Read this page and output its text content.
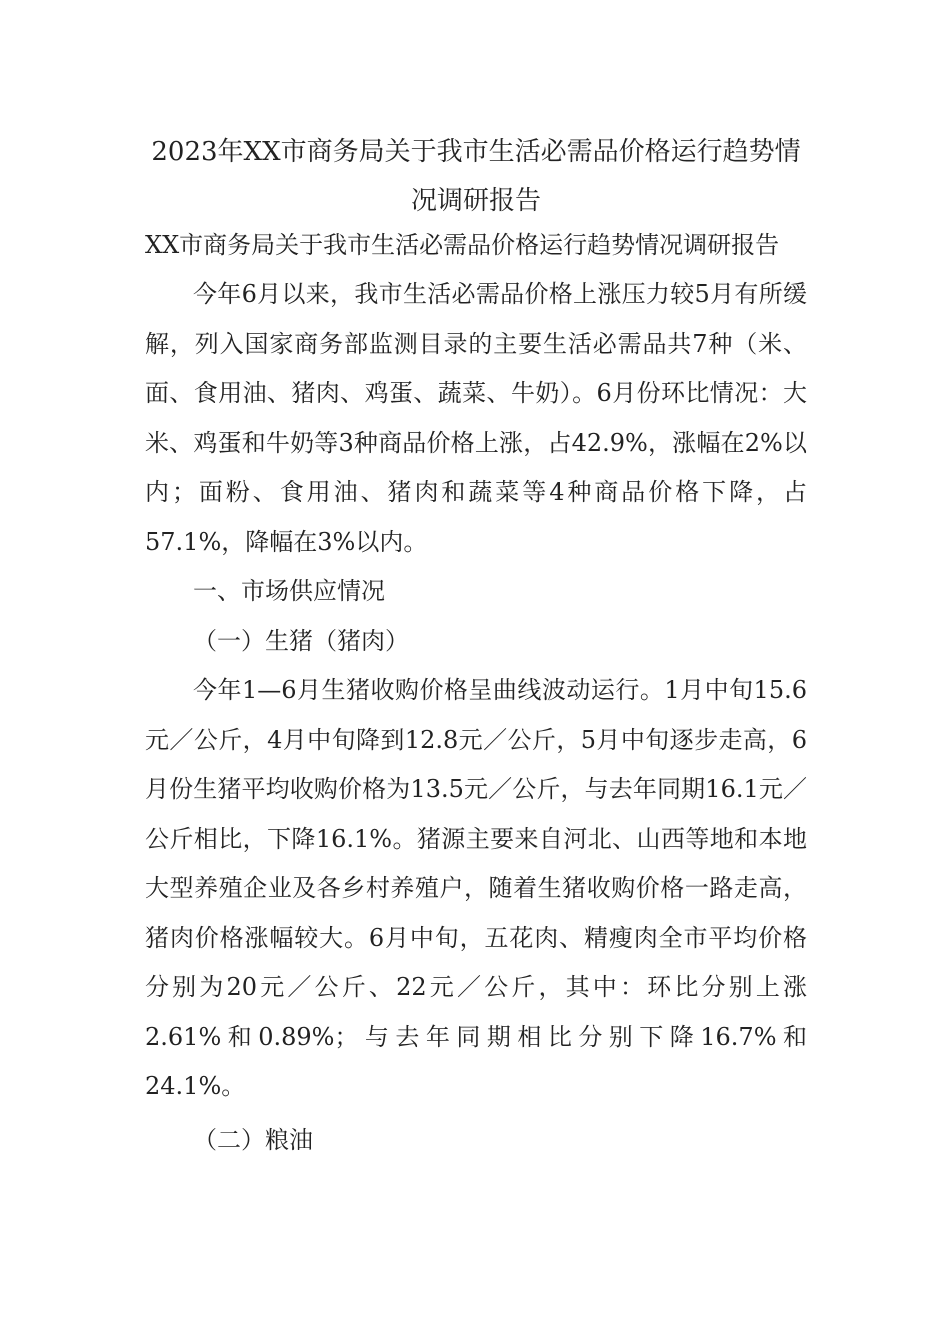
2023年XX市商务局关于我市生活必需品价格运行趋势情
况调研报告

XX市商务局关于我市生活必需品价格运行趋势情况调研报告

今年6月以来，我市生活必需品价格上涨压力较5月有所缓解，列入国家商务部监测目录的主要生活必需品共7种（米、面、食用油、猪肉、鸡蛋、蔬菜、牛奶）。6月份环比情况：大米、鸡蛋和牛奶等3种商品价格上涨，占42.9%，涨幅在2%以内；面粉、食用油、猪肉和蔬菜等4种商品价格下降，占57.1%，降幅在3%以内。

一、市场供应情况

（一）生猪（猪肉）

今年1—6月生猪收购价格呈曲线波动运行。1月中旬15.6元／公斤，4月中旬降到12.8元／公斤，5月中旬逐步走高，6月份生猪平均收购价格为13.5元／公斤，与去年同期16.1元／公斤相比，下降16.1%。猪源主要来自河北、山西等地和本地大型养殖企业及各乡村养殖户，随着生猪收购价格一路走高，猪肉价格涨幅较大。6月中旬，五花肉、精瘦肉全市平均价格分别为20元／公斤、22元／公斤，其中：环比分别上涨2.61%和0.89%；与去年同期相比分别下降16.7%和24.1%。

（二）粮油
